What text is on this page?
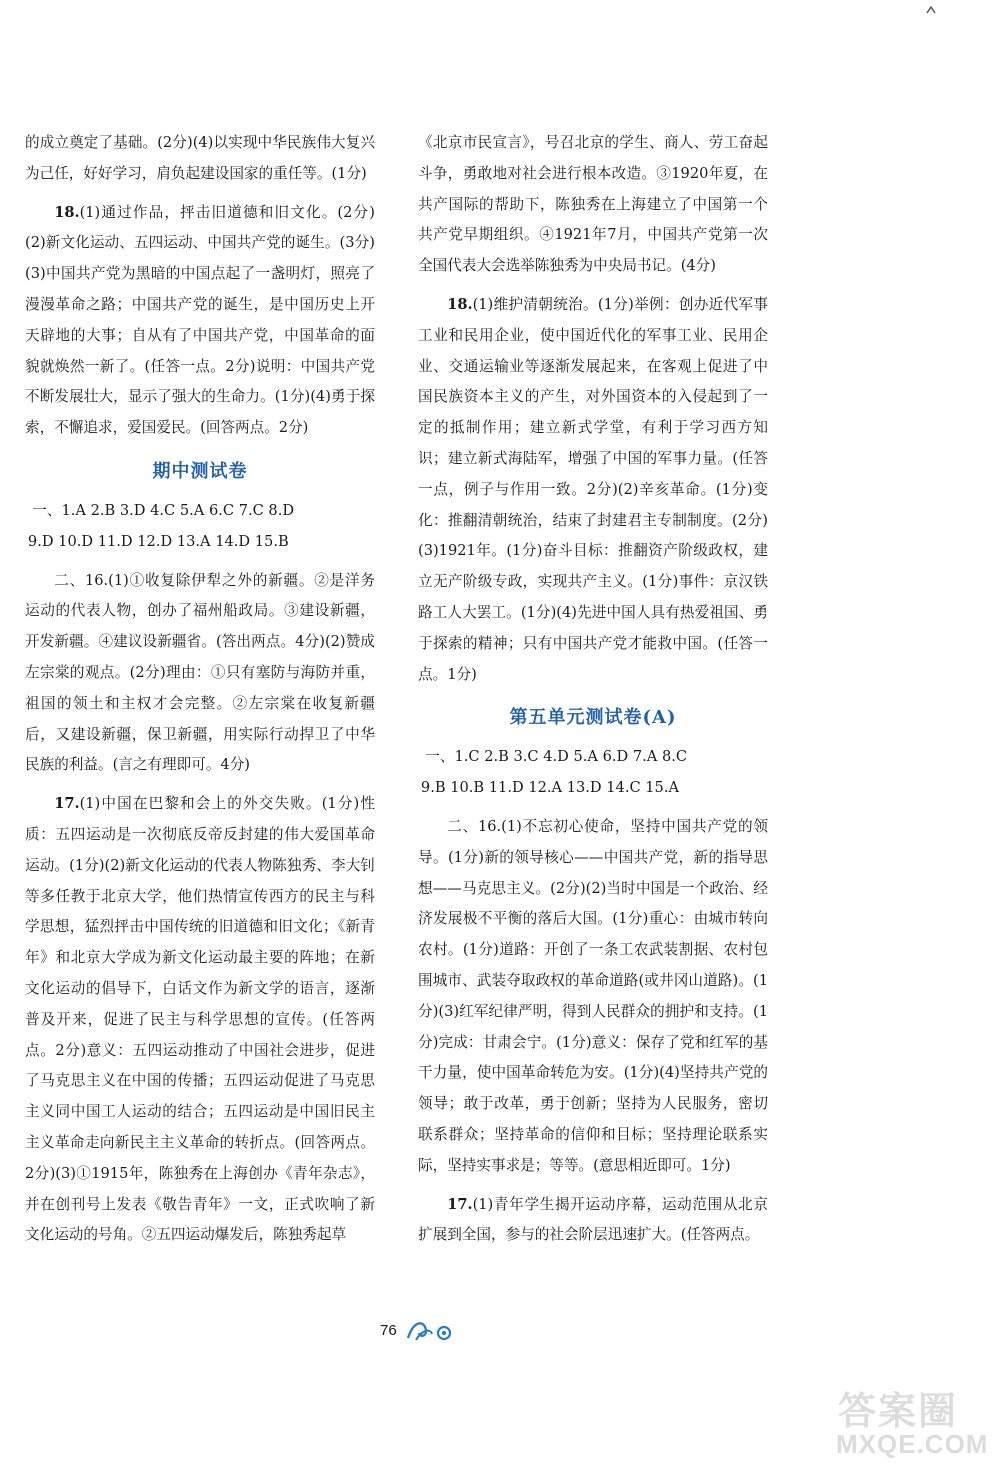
的成立奠定了基础。(2分)(4)以实现中华民族伟大复兴为己任，好好学习，肩负起建设国家的重任等。(1分)

18.(1)通过作品，抨击旧道德和旧文化。(2分)(2)新文化运动、五四运动、中国共产党的诞生。(3分)(3)中国共产党为黑暗的中国点起了一盏明灯，照亮了漫漫革命之路；中国共产党的诞生，是中国历史上开天辟地的大事；自从有了中国共产党，中国革命的面貌就焕然一新了。(任答一点。2分)说明：中国共产党不断发展壮大，显示了强大的生命力。(1分)(4)勇于探索，不懈追求，爱国爱民。(回答两点。2分)

期中测试卷

一、1.A 2.B 3.D 4.C 5.A 6.C 7.C 8.D

9.D 10.D 11.D 12.D 13.A 14.D 15.B

二、16.(1)①收复除伊犁之外的新疆。②是洋务运动的代表人物，创办了福州船政局。③建设新疆，开发新疆。④建议设新疆省。(答出两点。4分)(2)赞成左宗棠的观点。(2分)理由：①只有塞防与海防并重，祖国的领土和主权才会完整。②左宗棠在收复新疆后，又建设新疆，保卫新疆，用实际行动捍卫了中华民族的利益。(言之有理即可。4分)

17.(1)中国在巴黎和会上的外交失败。(1分)性质：五四运动是一次彻底反帝反封建的伟大爱国革命运动。(1分)(2)新文化运动的代表人物陈独秀、李大钊等多任教于北京大学，他们热情宣传西方的民主与科学思想，猛烈抨击中国传统的旧道德和旧文化；《新青年》和北京大学成为新文化运动最主要的阵地；在新文化运动的倡导下，白话文作为新文学的语言，逐渐普及开来，促进了民主与科学思想的宣传。(任答两点。2分)意义：五四运动推动了中国社会进步，促进了马克思主义在中国的传播；五四运动促进了马克思主义同中国工人运动的结合；五四运动是中国旧民主主义革命走向新民主主义革命的转折点。(回答两点。2分)(3)①1915年，陈独秀在上海创办《青年杂志》，并在创刊号上发表《敬告青年》一文，正式吹响了新文化运动的号角。②五四运动爆发后，陈独秀起草

《北京市民宣言》，号召北京的学生、商人、劳工奋起斗争，勇敢地对社会进行根本改造。③1920年夏，在共产国际的帮助下，陈独秀在上海建立了中国第一个共产党早期组织。④1921年7月，中国共产党第一次全国代表大会选举陈独秀为中央局书记。(4分)

18.(1)维护清朝统治。(1分)举例：创办近代军事工业和民用企业，使中国近代化的军事工业、民用企业、交通运输业等逐渐发展起来，在客观上促进了中国民族资本主义的产生，对外国资本的入侵起到了一定的抵制作用；建立新式学堂，有利于学习西方知识；建立新式海陆军，增强了中国的军事力量。(任答一点，例子与作用一致。2分)(2)辛亥革命。(1分)变化：推翻清朝统治，结束了封建君主专制制度。(2分)(3)1921年。(1分)奋斗目标：推翻资产阶级政权，建立无产阶级专政，实现共产主义。(1分)事件：京汉铁路工人大罢工。(1分)(4)先进中国人具有热爱祖国、勇于探索的精神；只有中国共产党才能救中国。(任答一点。1分)

第五单元测试卷(A)

一、1.C 2.B 3.C 4.D 5.A 6.D 7.A 8.C

9.B 10.B 11.D 12.A 13.D 14.C 15.A

二、16.(1)不忘初心使命，坚持中国共产党的领导。(1分)新的领导核心——中国共产党，新的指导思想——马克思主义。(2分)(2)当时中国是一个政治、经济发展极不平衡的落后大国。(1分)重心：由城市转向农村。(1分)道路：开创了一条工农武装割据、农村包围城市、武装夺取政权的革命道路(或井冈山道路)。(1分)(3)红军纪律严明，得到人民群众的拥护和支持。(1分)完成：甘肃会宁。(1分)意义：保存了党和红军的基干力量，使中国革命转危为安。(1分)(4)坚持共产党的领导；敢于改革，勇于创新；坚持为人民服务，密切联系群众；坚持革命的信仰和目标；坚持理论联系实际，坚持实事求是；等等。(意思相近即可。1分)

17.(1)青年学生揭开运动序幕，运动范围从北京扩展到全国，参与的社会阶层迅速扩大。(任答两点。

76
答案圈
MXQE.COM
